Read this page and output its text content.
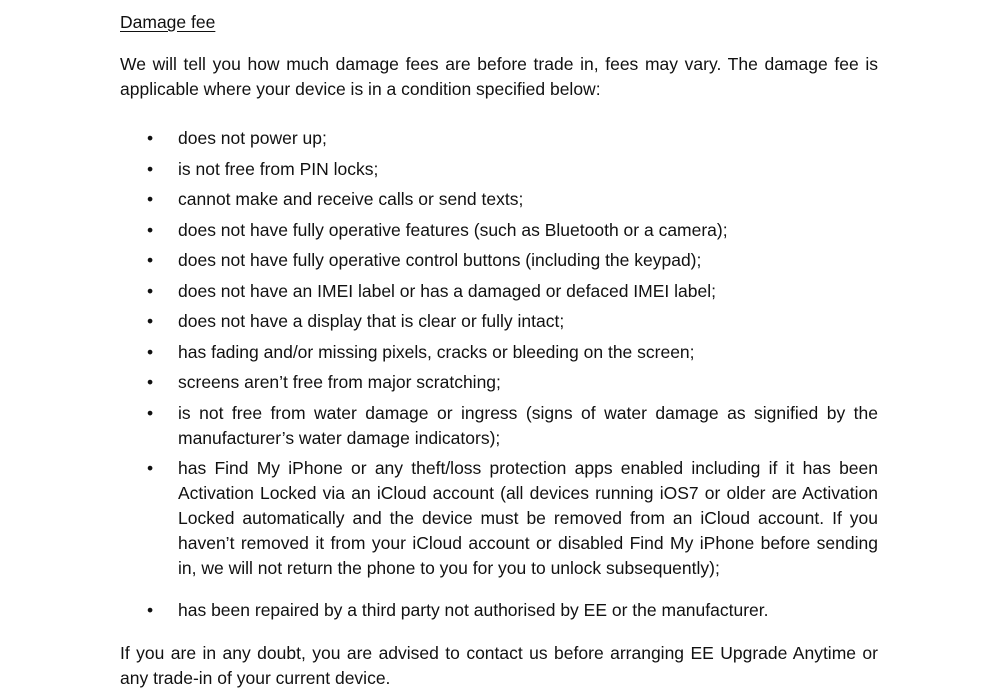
Damage fee

We will tell you how much damage fees are before trade in, fees may vary. The damage fee is applicable where your device is in a condition specified below:

• does not power up;
• is not free from PIN locks;
• cannot make and receive calls or send texts;
• does not have fully operative features (such as Bluetooth or a camera);
• does not have fully operative control buttons (including the keypad);
• does not have an IMEI label or has a damaged or defaced IMEI label;
• does not have a display that is clear or fully intact;
• has fading and/or missing pixels, cracks or bleeding on the screen;
• screens aren’t free from major scratching;
• is not free from water damage or ingress (signs of water damage as signified by the manufacturer’s water damage indicators);
• has Find My iPhone or any theft/loss protection apps enabled including if it has been Activation Locked via an iCloud account (all devices running iOS7 or older are Activation Locked automatically and the device must be removed from an iCloud account. If you haven’t removed it from your iCloud account or disabled Find My iPhone before sending in, we will not return the phone to you for you to unlock subsequently);
• has been repaired by a third party not authorised by EE or the manufacturer.

If you are in any doubt, you are advised to contact us before arranging EE Upgrade Anytime or any trade-in of your current device.
